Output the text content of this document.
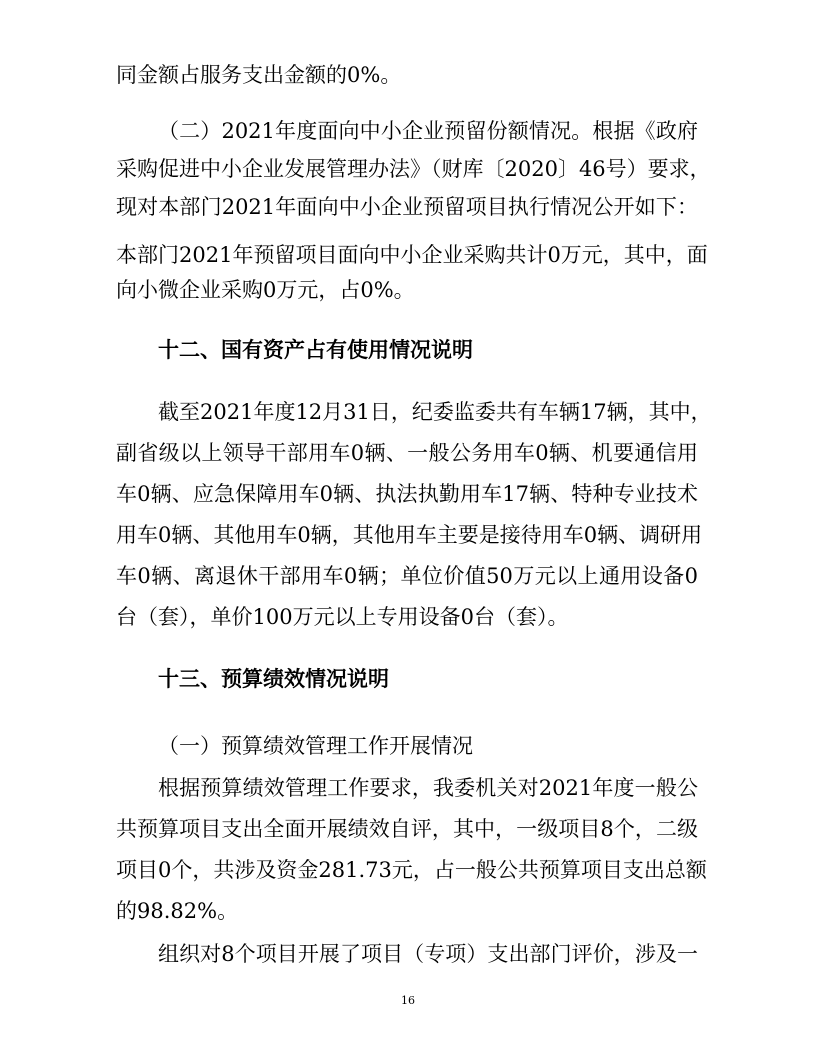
同金额占服务支出金额的0%。
（二）2021年度面向中小企业预留份额情况。根据《政府
采购促进中小企业发展管理办法》（财库〔2020〕46号）要求，
现对本部门2021年面向中小企业预留项目执行情况公开如下：
本部门2021年预留项目面向中小企业采购共计0万元，其中，面
向小微企业采购0万元，占0%。
十二、国有资产占有使用情况说明
截至2021年度12月31日，纪委监委共有车辆17辆，其中，
副省级以上领导干部用车0辆、一般公务用车0辆、机要通信用
车0辆、应急保障用车0辆、执法执勤用车17辆、特种专业技术
用车0辆、其他用车0辆，其他用车主要是接待用车0辆、调研用
车0辆、离退休干部用车0辆；单位价值50万元以上通用设备0
台（套），单价100万元以上专用设备0台（套）。
十三、预算绩效情况说明
（一）预算绩效管理工作开展情况
根据预算绩效管理工作要求，我委机关对2021年度一般公
共预算项目支出全面开展绩效自评，其中，一级项目8个，二级
项目0个，共涉及资金281.73元，占一般公共预算项目支出总额
的98.82%。
组织对8个项目开展了项目（专项）支出部门评价，涉及一
16
